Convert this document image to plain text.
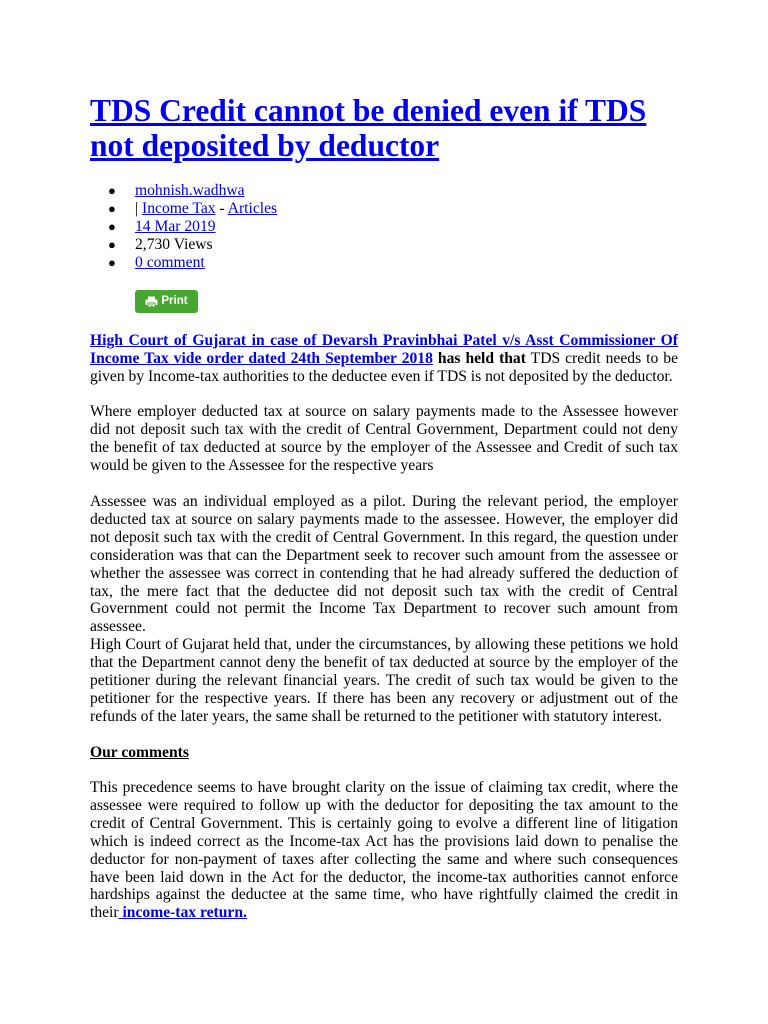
TDS Credit cannot be denied even if TDS not deposited by deductor
● mohnish.wadhwa
● | Income Tax - Articles
● 14 Mar 2019
● 2,730 Views
● 0 comment
Print

High Court of Gujarat in case of Devarsh Pravinbhai Patel v/s Asst Commissioner Of Income Tax vide order dated 24th September 2018 has held that TDS credit needs to be given by Income-tax authorities to the deductee even if TDS is not deposited by the deductor.

Where employer deducted tax at source on salary payments made to the Assessee however did not deposit such tax with the credit of Central Government, Department could not deny the benefit of tax deducted at source by the employer of the Assessee and Credit of such tax would be given to the Assessee for the respective years

Assessee was an individual employed as a pilot. During the relevant period, the employer deducted tax at source on salary payments made to the assessee. However, the employer did not deposit such tax with the credit of Central Government. In this regard, the question under consideration was that can the Department seek to recover such amount from the assessee or whether the assessee was correct in contending that he had already suffered the deduction of tax, the mere fact that the deductee did not deposit such tax with the credit of Central Government could not permit the Income Tax Department to recover such amount from assessee.

High Court of Gujarat held that, under the circumstances, by allowing these petitions we hold that the Department cannot deny the benefit of tax deducted at source by the employer of the petitioner during the relevant financial years. The credit of such tax would be given to the petitioner for the respective years. If there has been any recovery or adjustment out of the refunds of the later years, the same shall be returned to the petitioner with statutory interest.

Our comments

This precedence seems to have brought clarity on the issue of claiming tax credit, where the assessee were required to follow up with the deductor for depositing the tax amount to the credit of Central Government. This is certainly going to evolve a different line of litigation which is indeed correct as the Income-tax Act has the provisions laid down to penalise the deductor for non-payment of taxes after collecting the same and where such consequences have been laid down in the Act for the deductor, the income-tax authorities cannot enforce hardships against the deductee at the same time, who have rightfully claimed the credit in their income-tax return.
